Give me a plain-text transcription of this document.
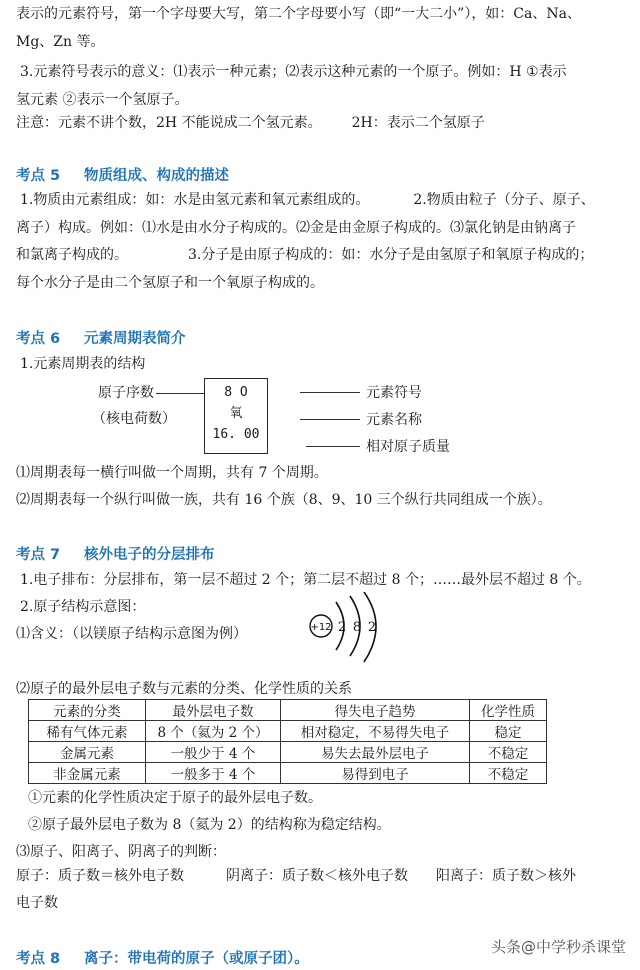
表示的元素符号，第一个字母要大写，第二个字母要小写（即“一大二小”），如：Ca、Na、
Mg、Zn 等。
3.元素符号表示的意义：⑴表示一种元素；⑵表示这种元素的一个原子。例如：H ①表示
氢元素 ②表示一个氢原子。
注意：元素不讲个数，2H 不能说成二个氢元素。 2H：表示二个氢原子
考点 5 物质组成、构成的描述
1.物质由元素组成：如：水是由氢元素和氧元素组成的。	2.物质由粒子（分子、原子、
离子）构成。例如：⑴水是由水分子构成的。⑵金是由金原子构成的。⑶氯化钠是由钠离子
和氯离子构成的。	3.分子是由原子构成的：如：水分子是由氢原子和氧原子构成的；
每个水分子是由二个氢原子和一个氧原子构成的。
考点 6 元素周期表简介
1.元素周期表的结构
原子序数
（核电荷数）
8 O
氧
16. 00
元素符号
元素名称
相对原子质量
⑴周期表每一横行叫做一个周期，共有 7 个周期。
⑵周期表每一个纵行叫做一族，共有 16 个族（8、9、10 三个纵行共同组成一个族）。
考点 7 核外电子的分层排布
1.电子排布：分层排布，第一层不超过 2 个；第二层不超过 8 个；……最外层不超过 8 个。
2.原子结构示意图：
⑴含义：（以镁原子结构示意图为例）	+12 2 8 2
⑵原子的最外层电子数与元素的分类、化学性质的关系
元素的分类	最外层电子数	得失电子趋势	化学性质
稀有气体元素	8 个（氦为 2 个）	相对稳定，不易得失电子	稳定
金属元素	一般少于 4 个	易失去最外层电子	不稳定
非金属元素	一般多于 4 个	易得到电子	不稳定
①元素的化学性质决定于原子的最外层电子数。
②原子最外层电子数为 8（氦为 2）的结构称为稳定结构。
⑶原子、阳离子、阴离子的判断：
原子：质子数＝核外电子数	阴离子：质子数＜核外电子数 阳离子：质子数＞核外
电子数
考点 8 离子：带电荷的原子（或原子团）。
头条@中学秒杀课堂
